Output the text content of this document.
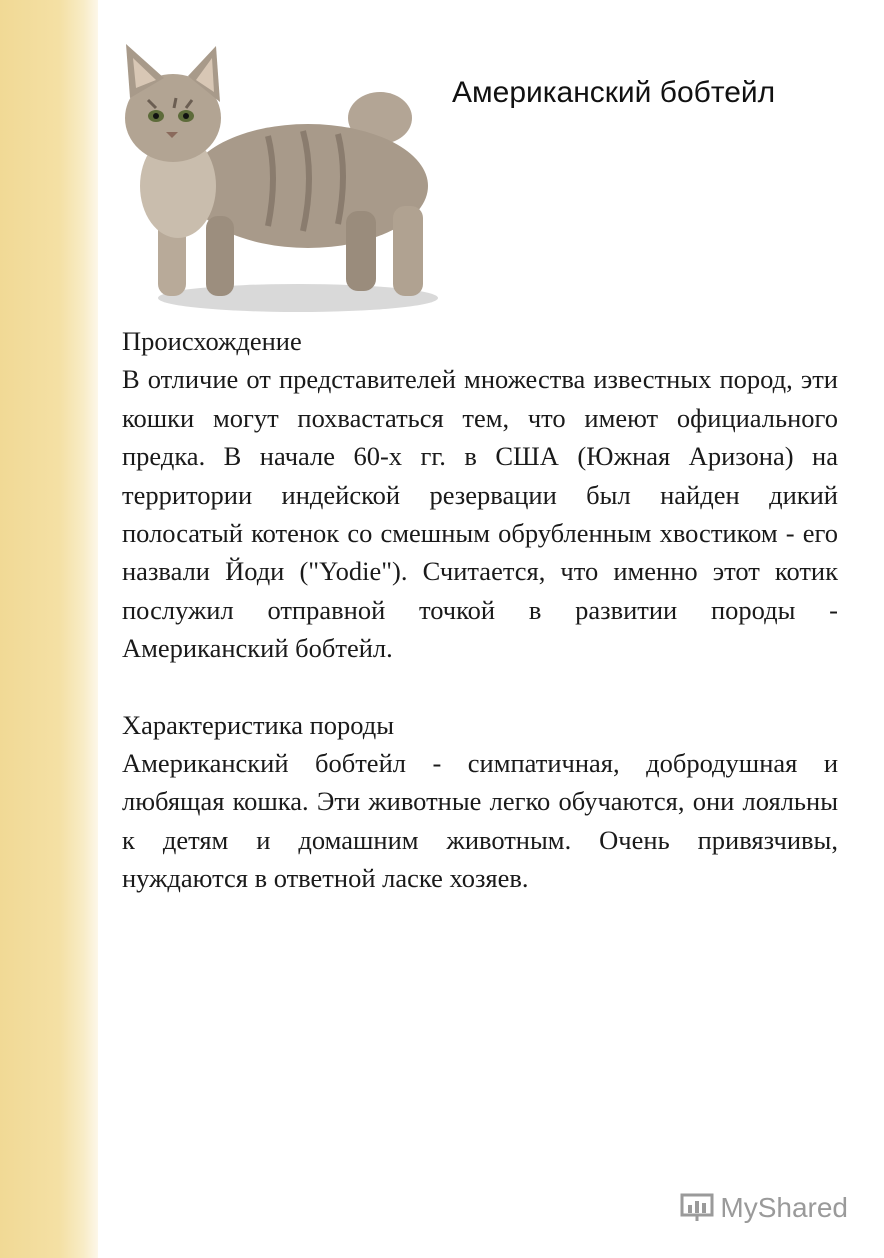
Американский бобтейл
Происхождение

В отличие от представителей множества известных пород, эти кошки могут похвастаться тем, что имеют официального предка. В начале 60-х гг. в США (Южная Аризона) на территории индейской резервации был найден дикий полосатый котенок со смешным обрубленным хвостиком - его назвали Йоди ("Yodie"). Считается, что именно этот котик послужил отправной точкой в развитии породы - Американский бобтейл.

Характеристика породы

Американский бобтейл - симпатичная, добродушная и любящая кошка. Эти животные легко обучаются, они лояльны к детям и домашним животным. Очень привязчивы, нуждаются в ответной ласке хозяев.

MyShared
